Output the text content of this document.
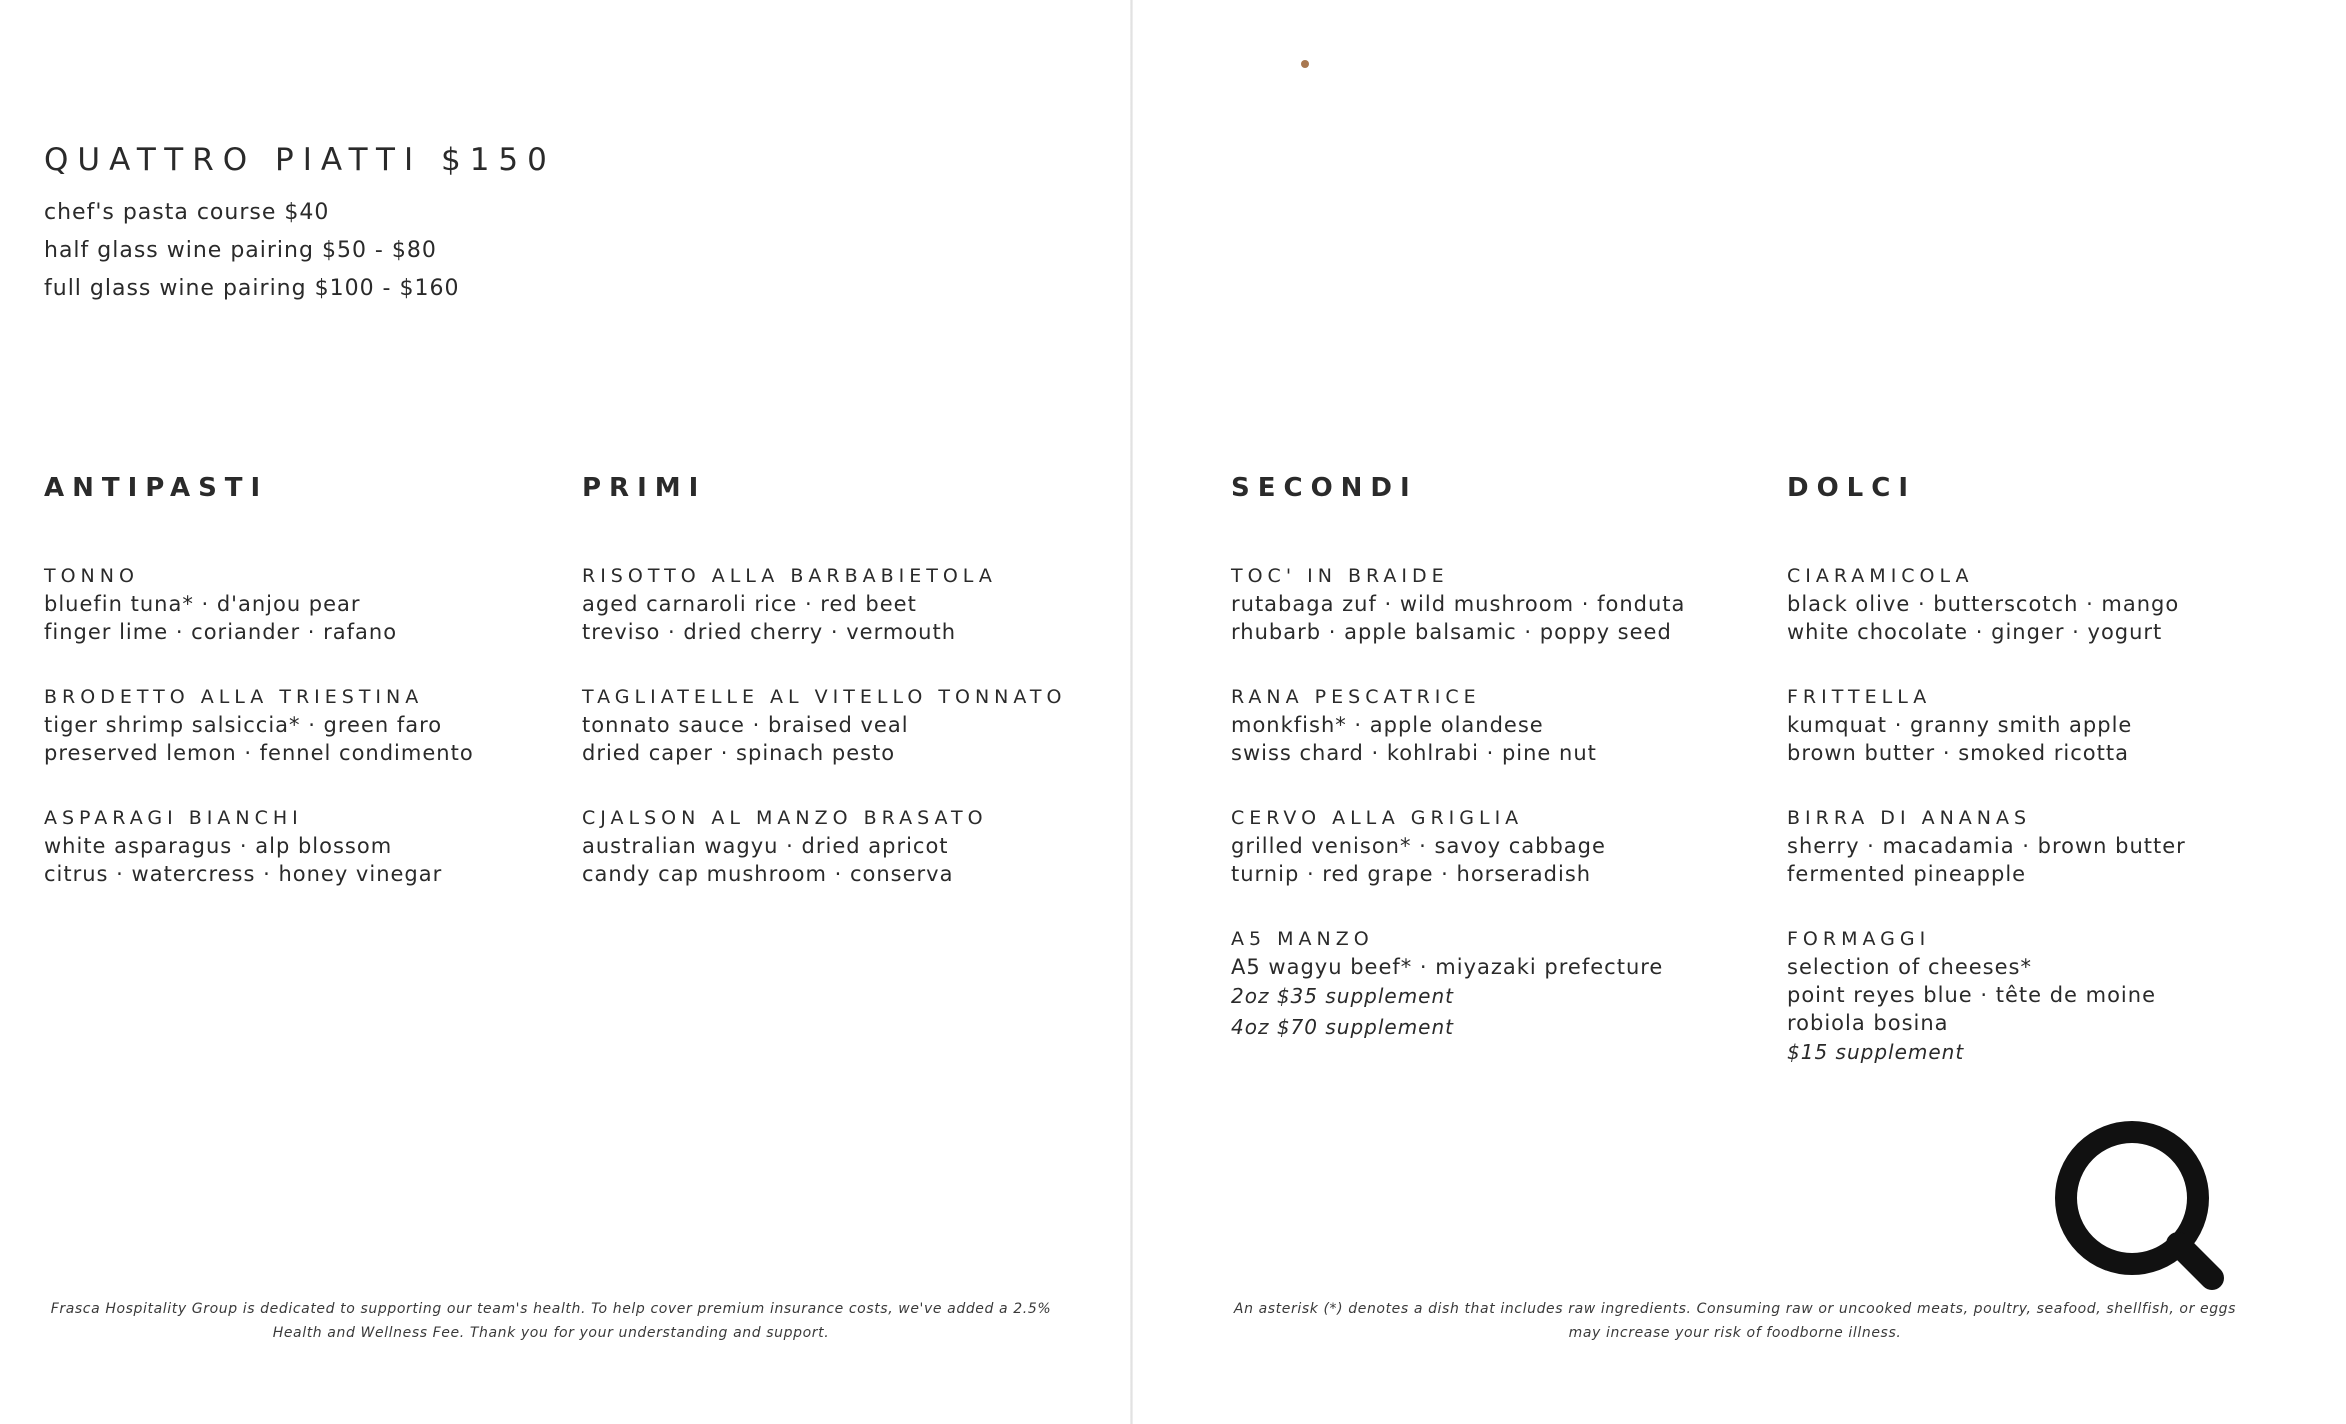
QUATTRO PIATTI $150
chef's pasta course $40
half glass wine pairing $50 - $80
full glass wine pairing $100 - $160
ANTIPASTI
TONNO
bluefin tuna* · d'anjou pear
finger lime · coriander · rafano
BRODETTO ALLA TRIESTINA
tiger shrimp salsiccia* · green faro
preserved lemon · fennel condimento
ASPARAGI BIANCHI
white asparagus · alp blossom
citrus · watercress · honey vinegar
PRIMI
RISOTTO ALLA BARBABIETOLA
aged carnaroli rice · red beet
treviso · dried cherry · vermouth
TAGLIATELLE AL VITELLO TONNATO
tonnato sauce · braised veal
dried caper · spinach pesto
CJALSON AL MANZO BRASATO
australian wagyu · dried apricot
candy cap mushroom · conserva
SECONDI
TOC' IN BRAIDE
rutabaga zuf · wild mushroom · fonduta
rhubarb · apple balsamic · poppy seed
RANA PESCATRICE
monkfish* · apple olandese
swiss chard · kohlrabi · pine nut
CERVO ALLA GRIGLIA
grilled venison* · savoy cabbage
turnip · red grape · horseradish
A5 MANZO
A5 wagyu beef* · miyazaki prefecture
2oz $35 supplement
4oz $70 supplement
DOLCI
CIARAMICOLA
black olive · butterscotch · mango
white chocolate · ginger · yogurt
FRITTELLA
kumquat · granny smith apple
brown butter · smoked ricotta
BIRRA DI ANANAS
sherry · macadamia · brown butter
fermented pineapple
FORMAGGI
selection of cheeses*
point reyes blue · tête de moine
robiola bosina
$15 supplement
Frasca Hospitality Group is dedicated to supporting our team's health. To help cover premium insurance costs, we've added a 2.5%
Health and Wellness Fee. Thank you for your understanding and support.
An asterisk (*) denotes a dish that includes raw ingredients. Consuming raw or uncooked meats, poultry, seafood, shellfish, or eggs
may increase your risk of foodborne illness.
